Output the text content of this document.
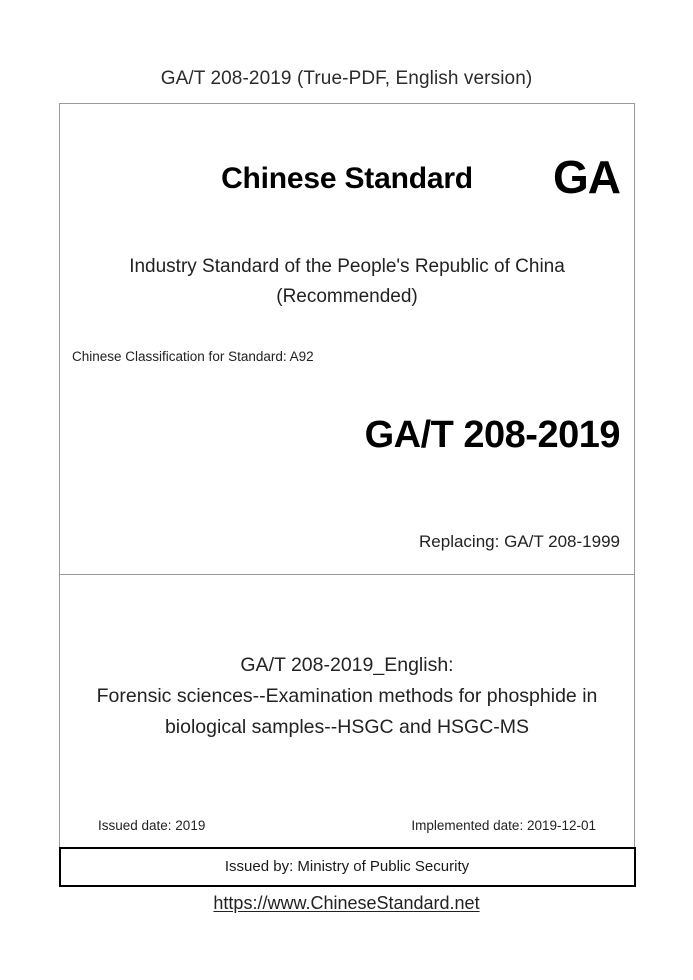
GA/T 208-2019 (True-PDF, English version)
Chinese Standard	GA
Industry Standard of the People's Republic of China
(Recommended)
Chinese Classification for Standard: A92
GA/T 208-2019
Replacing: GA/T 208-1999
GA/T 208-2019_English:
Forensic sciences--Examination methods for phosphide in
biological samples--HSGC and HSGC-MS
Issued date: 2019	Implemented date: 2019-12-01
Issued by: Ministry of Public Security
https://www.ChineseStandard.net
